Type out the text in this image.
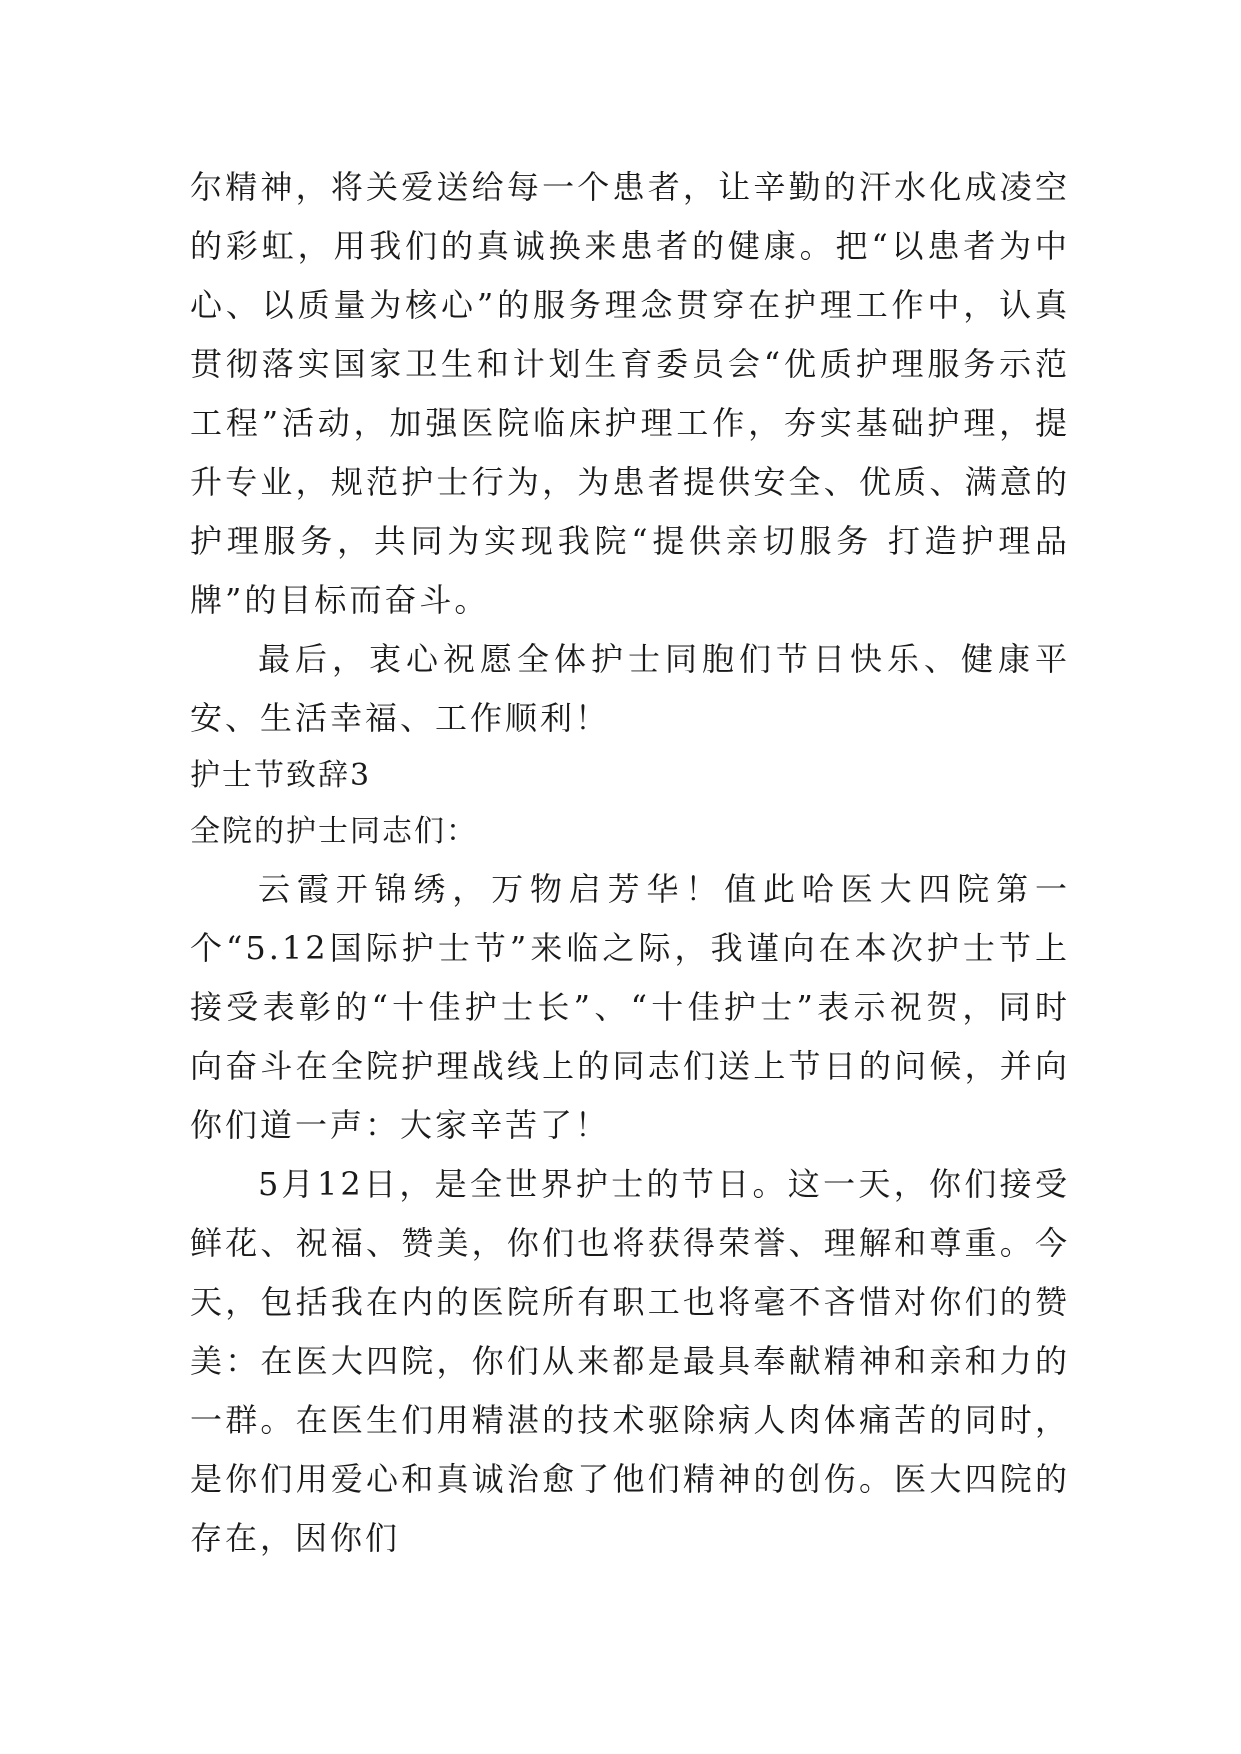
尔精神，将关爱送给每一个患者，让辛勤的汗水化成凌空的彩虹，用我们的真诚换来患者的健康。把“以患者为中心、以质量为核心”的服务理念贯穿在护理工作中，认真贯彻落实国家卫生和计划生育委员会“优质护理服务示范工程”活动，加强医院临床护理工作，夯实基础护理，提升专业，规范护士行为，为患者提供安全、优质、满意的护理服务，共同为实现我院“提供亲切服务 打造护理品牌”的目标而奋斗。

最后，衷心祝愿全体护士同胞们节日快乐、健康平安、生活幸福、工作顺利！

护士节致辞3

全院的护士同志们：

云霞开锦绣，万物启芳华！值此哈医大四院第一个“5.12国际护士节”来临之际，我谨向在本次护士节上接受表彰的“十佳护士长”、“十佳护士”表示祝贺，同时向奋斗在全院护理战线上的同志们送上节日的问候，并向你们道一声：大家辛苦了！

5月12日，是全世界护士的节日。这一天，你们接受鲜花、祝福、赞美，你们也将获得荣誉、理解和尊重。今天，包括我在内的医院所有职工也将毫不吝惜对你们的赞美：在医大四院，你们从来都是最具奉献精神和亲和力的一群。在医生们用精湛的技术驱除病人肉体痛苦的同时，是你们用爱心和真诚治愈了他们精神的创伤。医大四院的存在，因你们
